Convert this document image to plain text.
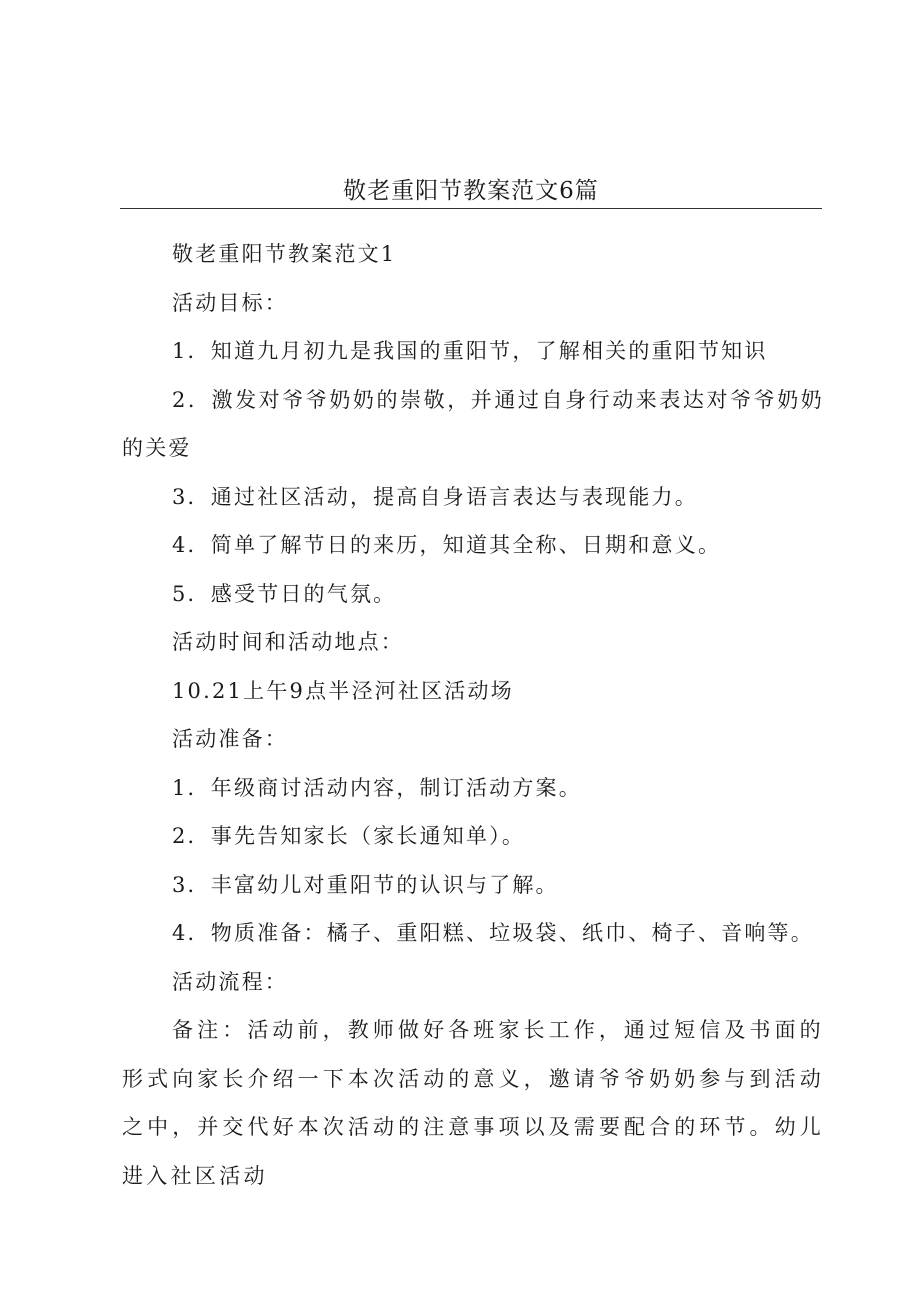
敬老重阳节教案范文6篇

敬老重阳节教案范文1

活动目标：

1．知道九月初九是我国的重阳节，了解相关的重阳节知识

2．激发对爷爷奶奶的崇敬，并通过自身行动来表达对爷爷奶奶的关爱

3．通过社区活动，提高自身语言表达与表现能力。

4．简单了解节日的来历，知道其全称、日期和意义。

5．感受节日的气氛。

活动时间和活动地点：

10.21上午9点半泾河社区活动场

活动准备：

1．年级商讨活动内容，制订活动方案。

2．事先告知家长（家长通知单）。

3．丰富幼儿对重阳节的认识与了解。

4．物质准备：橘子、重阳糕、垃圾袋、纸巾、椅子、音响等。

活动流程：

备注：活动前，教师做好各班家长工作，通过短信及书面的形式向家长介绍一下本次活动的意义，邀请爷爷奶奶参与到活动之中，并交代好本次活动的注意事项以及需要配合的环节。幼儿进入社区活动
